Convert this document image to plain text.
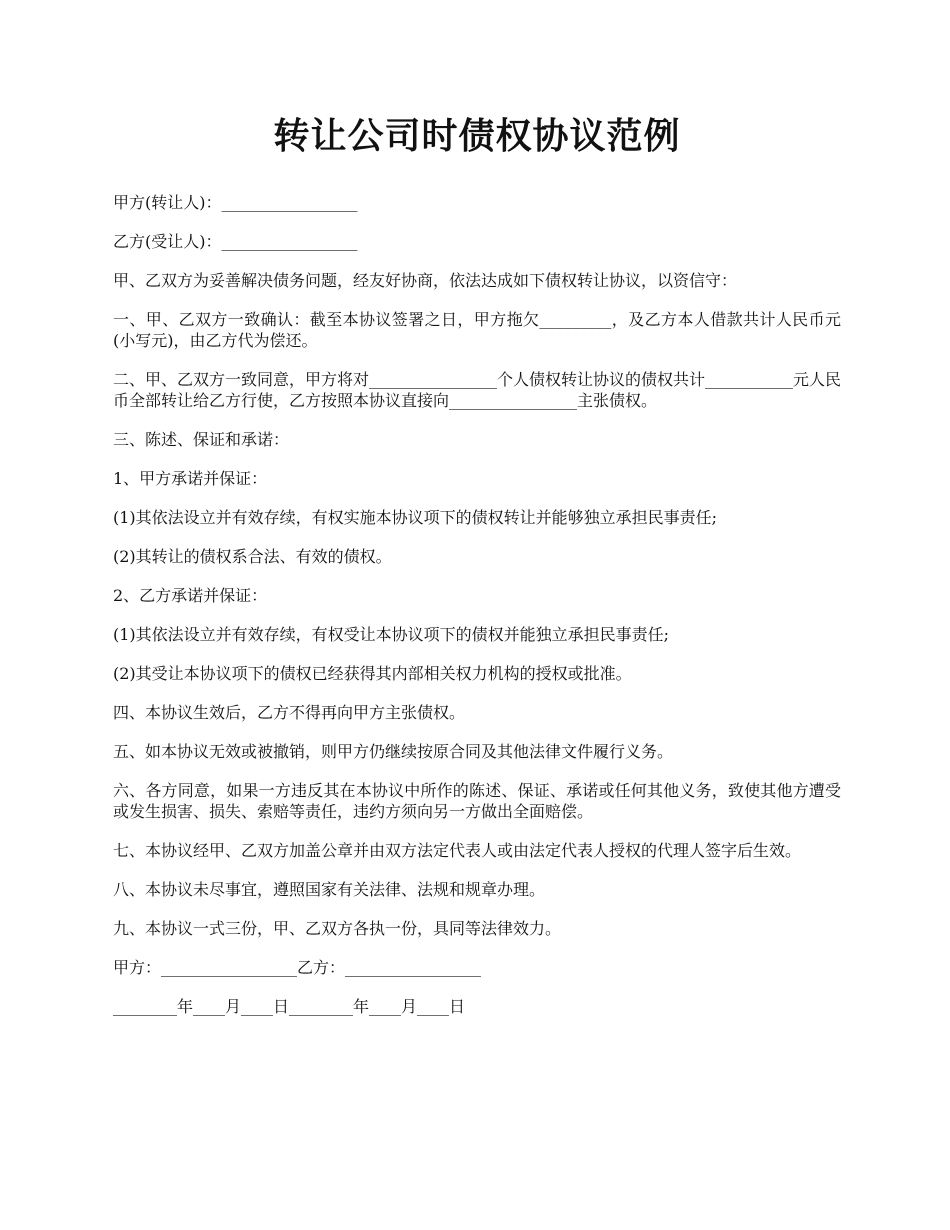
转让公司时债权协议范例

甲方(转让人)：_________________

乙方(受让人)：_________________

甲、乙双方为妥善解决债务问题，经友好协商，依法达成如下债权转让协议，以资信守：

一、甲、乙双方一致确认：截至本协议签署之日，甲方拖欠_________，及乙方本人借款共计人民币元(小写元)，由乙方代为偿还。

二、甲、乙双方一致同意，甲方将对________________个人债权转让协议的债权共计___________元人民币全部转让给乙方行使，乙方按照本协议直接向________________主张债权。

三、陈述、保证和承诺：

1、甲方承诺并保证：

(1)其依法设立并有效存续，有权实施本协议项下的债权转让并能够独立承担民事责任;

(2)其转让的债权系合法、有效的债权。

2、乙方承诺并保证：

(1)其依法设立并有效存续，有权受让本协议项下的债权并能独立承担民事责任;

(2)其受让本协议项下的债权已经获得其内部相关权力机构的授权或批准。

四、本协议生效后，乙方不得再向甲方主张债权。

五、如本协议无效或被撤销，则甲方仍继续按原合同及其他法律文件履行义务。

六、各方同意，如果一方违反其在本协议中所作的陈述、保证、承诺或任何其他义务，致使其他方遭受或发生损害、损失、索赔等责任，违约方须向另一方做出全面赔偿。

七、本协议经甲、乙双方加盖公章并由双方法定代表人或由法定代表人授权的代理人签字后生效。

八、本协议未尽事宜，遵照国家有关法律、法规和规章办理。

九、本协议一式三份，甲、乙双方各执一份，具同等法律效力。

甲方：_________________乙方：_________________

________年____月____日________年____月____日
